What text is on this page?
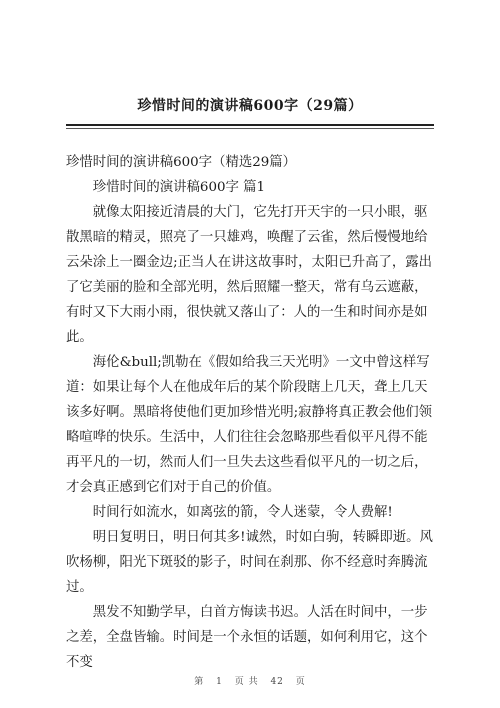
珍惜时间的演讲稿600字（29篇）

珍惜时间的演讲稿600字（精选29篇）

珍惜时间的演讲稿600字 篇1

就像太阳接近清晨的大门，它先打开天宇的一只小眼，驱散黑暗的精灵，照亮了一只雄鸡，唤醒了云雀，然后慢慢地给云朵涂上一圈金边;正当人在讲这故事时，太阳已升高了，露出了它美丽的脸和全部光明，然后照耀一整天，常有乌云遮蔽，有时又下大雨小雨，很快就又落山了：人的一生和时间亦是如此。

海伦&bull;凯勒在《假如给我三天光明》一文中曾这样写道：如果让每个人在他成年后的某个阶段瞎上几天，聋上几天该多好啊。黑暗将使他们更加珍惜光明;寂静将真正教会他们领略喧哗的快乐。生活中，人们往往会忽略那些看似平凡得不能再平凡的一切，然而人们一旦失去这些看似平凡的一切之后，才会真正感到它们对于自己的价值。

时间行如流水，如离弦的箭，令人迷蒙，令人费解!

明日复明日，明日何其多!诚然，时如白驹，转瞬即逝。风吹杨柳，阳光下斑驳的影子，时间在刹那、你不经意时奔腾流过。

黑发不知勤学早，白首方悔读书迟。人活在时间中，一步之差，全盘皆输。时间是一个永恒的话题，如何利用它，这个不变

第 1 页 共 42 页
